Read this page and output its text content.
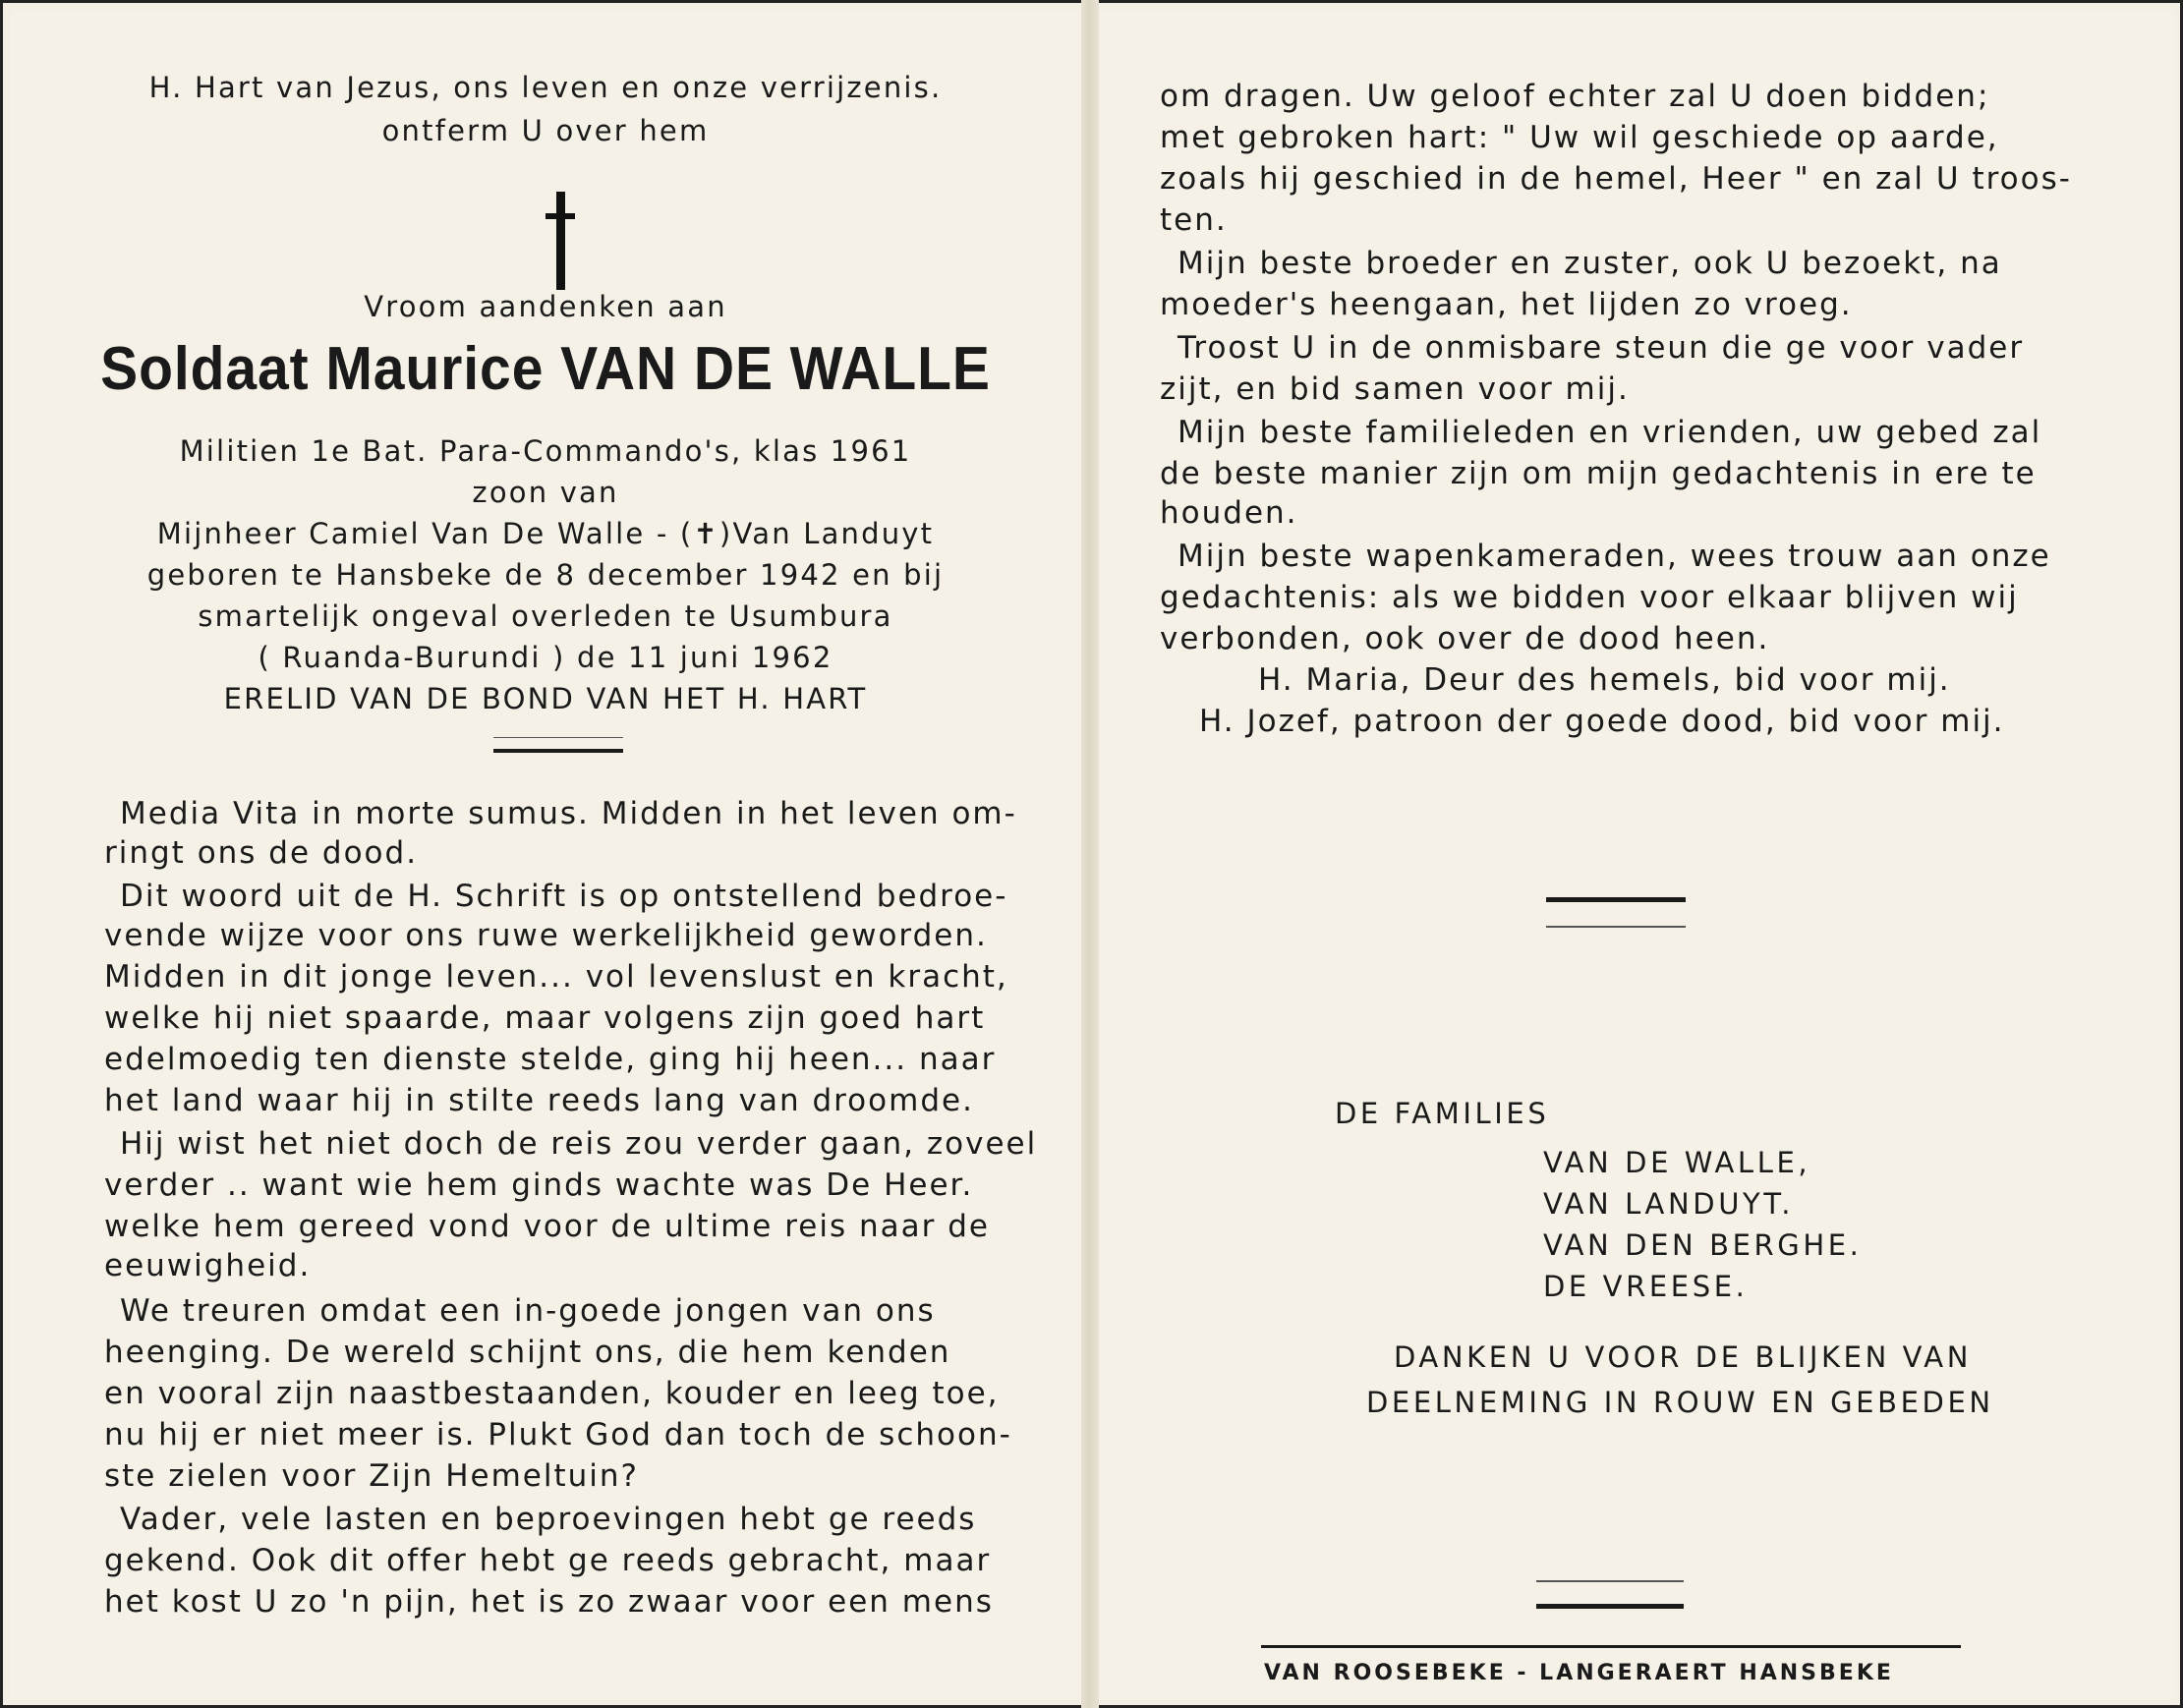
H. Hart van Jezus, ons leven en onze verrijzenis.
ontferm U over hem
Vroom aandenken aan
Soldaat Maurice VAN DE WALLE
Militien 1e Bat. Para-Commando's, klas 1961
zoon van
Mijnheer Camiel Van De Walle - (✝)Van Landuyt
geboren te Hansbeke de 8 december 1942 en bij
smartelijk ongeval overleden te Usumbura
( Ruanda-Burundi ) de 11 juni 1962
ERELID VAN DE BOND VAN HET H. HART
Media Vita in morte sumus. Midden in het leven om-
ringt ons de dood.
Dit woord uit de H. Schrift is op ontstellend bedroe-
vende wijze voor ons ruwe werkelijkheid geworden.
Midden in dit jonge leven... vol levenslust en kracht,
welke hij niet spaarde, maar volgens zijn goed hart
edelmoedig ten dienste stelde, ging hij heen... naar
het land waar hij in stilte reeds lang van droomde.
Hij wist het niet doch de reis zou verder gaan, zoveel
verder .. want wie hem ginds wachte was De Heer.
welke hem gereed vond voor de ultime reis naar de
eeuwigheid.
We treuren omdat een in-goede jongen van ons
heenging. De wereld schijnt ons, die hem kenden
en vooral zijn naastbestaanden, kouder en leeg toe,
nu hij er niet meer is. Plukt God dan toch de schoon-
ste zielen voor Zijn Hemeltuin?
Vader, vele lasten en beproevingen hebt ge reeds
gekend. Ook dit offer hebt ge reeds gebracht, maar
het kost U zo 'n pijn, het is zo zwaar voor een mens
om dragen. Uw geloof echter zal U doen bidden;
met gebroken hart: " Uw wil geschiede op aarde,
zoals hij geschied in de hemel, Heer " en zal U troos-
ten.
Mijn beste broeder en zuster, ook U bezoekt, na
moeder's heengaan, het lijden zo vroeg.
Troost U in de onmisbare steun die ge voor vader
zijt, en bid samen voor mij.
Mijn beste familieleden en vrienden, uw gebed zal
de beste manier zijn om mijn gedachtenis in ere te
houden.
Mijn beste wapenkameraden, wees trouw aan onze
gedachtenis: als we bidden voor elkaar blijven wij
verbonden, ook over de dood heen.
H. Maria, Deur des hemels, bid voor mij.
H. Jozef, patroon der goede dood, bid voor mij.
DE FAMILIES
VAN DE WALLE,
VAN LANDUYT.
VAN DEN BERGHE.
DE VREESE.
DANKEN U VOOR DE BLIJKEN VAN
DEELNEMING IN ROUW EN GEBEDEN
VAN ROOSEBEKE - LANGERAERT HANSBEKE
